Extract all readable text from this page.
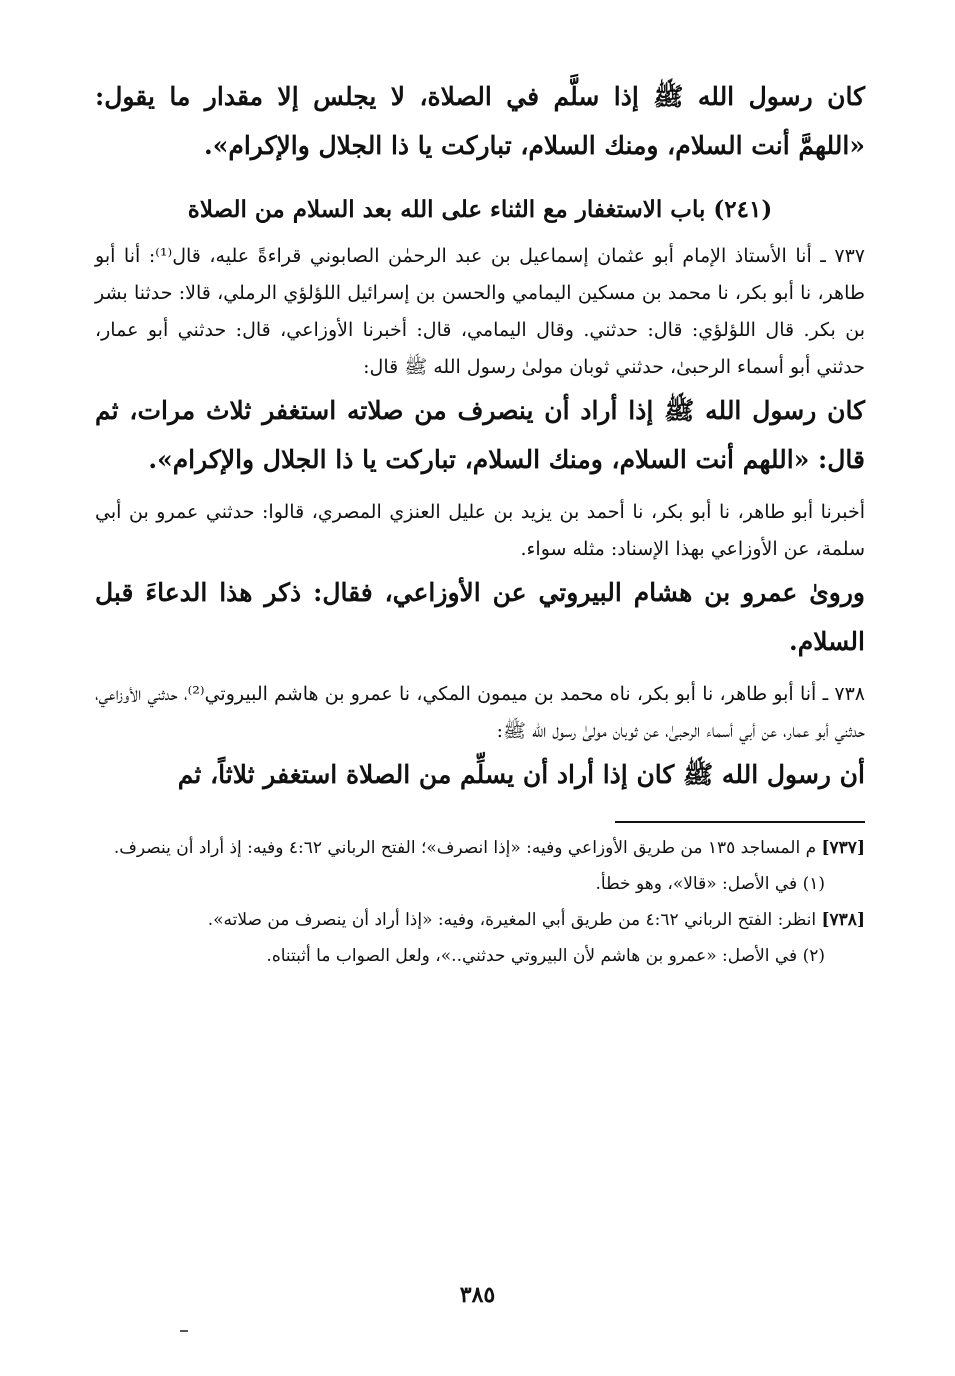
كان رسول الله ﷺ إذا سلَّم في الصلاة، لا يجلس إلا مقدار ما يقول: «اللهمَّ أنت السلام، ومنك السلام، تباركت يا ذا الجلال والإكرام».

(٢٤١) باب الاستغفار مع الثناء على الله بعد السلام من الصلاة

٧٣٧ ـ أنا الأستاذ الإمام أبو عثمان إسماعيل بن عبد الرحمٰن الصابوني قراءةً عليه، قال⁽¹⁾: أنا أبو طاهر، نا أبو بكر، نا محمد بن مسكين اليمامي والحسن بن إسرائيل اللؤلؤي الرملي، قالا: حدثنا بشر بن بكر. قال اللؤلؤي: قال: حدثني. وقال اليمامي، قال: أخبرنا الأوزاعي، قال: حدثني أبو عمار، حدثني أبو أسماء الرحبىٰ، حدثني ثوبان مولىٰ رسول الله ﷺ قال:

كان رسول الله ﷺ إذا أراد أن ينصرف من صلاته استغفر ثلاث مرات، ثم قال: «اللهم أنت السلام، ومنك السلام، تباركت يا ذا الجلال والإكرام».

أخبرنا أبو طاهر، نا أبو بكر، نا أحمد بن يزيد بن عليل العنزي المصري، قالوا: حدثني عمرو بن أبي سلمة، عن الأوزاعي بهذا الإسناد: مثله سواء.

وروىٰ عمرو بن هشام البيروتي عن الأوزاعي، فقال: ذكر هذا الدعاءَ قبل السلام.

٧٣٨ ـ أنا أبو طاهر، نا أبو بكر، ناه محمد بن ميمون المكي، نا عمرو بن هاشم البيروتي⁽²⁾، حدثني الأوزاعي، حدثني أبو عمار، عن أبي أسماء الرحبىٰ، عن ثوبان مولىٰ رسول الله ﷺ:

أن رسول الله ﷺ كان إذا أراد أن يسلِّم من الصلاة استغفر ثلاثاً، ثم

[٧٣٧] م المساجد ١٣٥ من طريق الأوزاعي وفيه: «إذا انصرف»؛ الفتح الرباني ٤:٦٢ وفيه: إذ أراد أن ينصرف.

(١) في الأصل: «قالا»، وهو خطأ.

[٧٣٨] انظر: الفتح الرباني ٤:٦٢ من طريق أبي المغيرة، وفيه: «إذا أراد أن ينصرف من صلاته».

(٢) في الأصل: «عمرو بن هاشم لأن البيروتي حدثني..»، ولعل الصواب ما أثبتناه.

٣٨٥
